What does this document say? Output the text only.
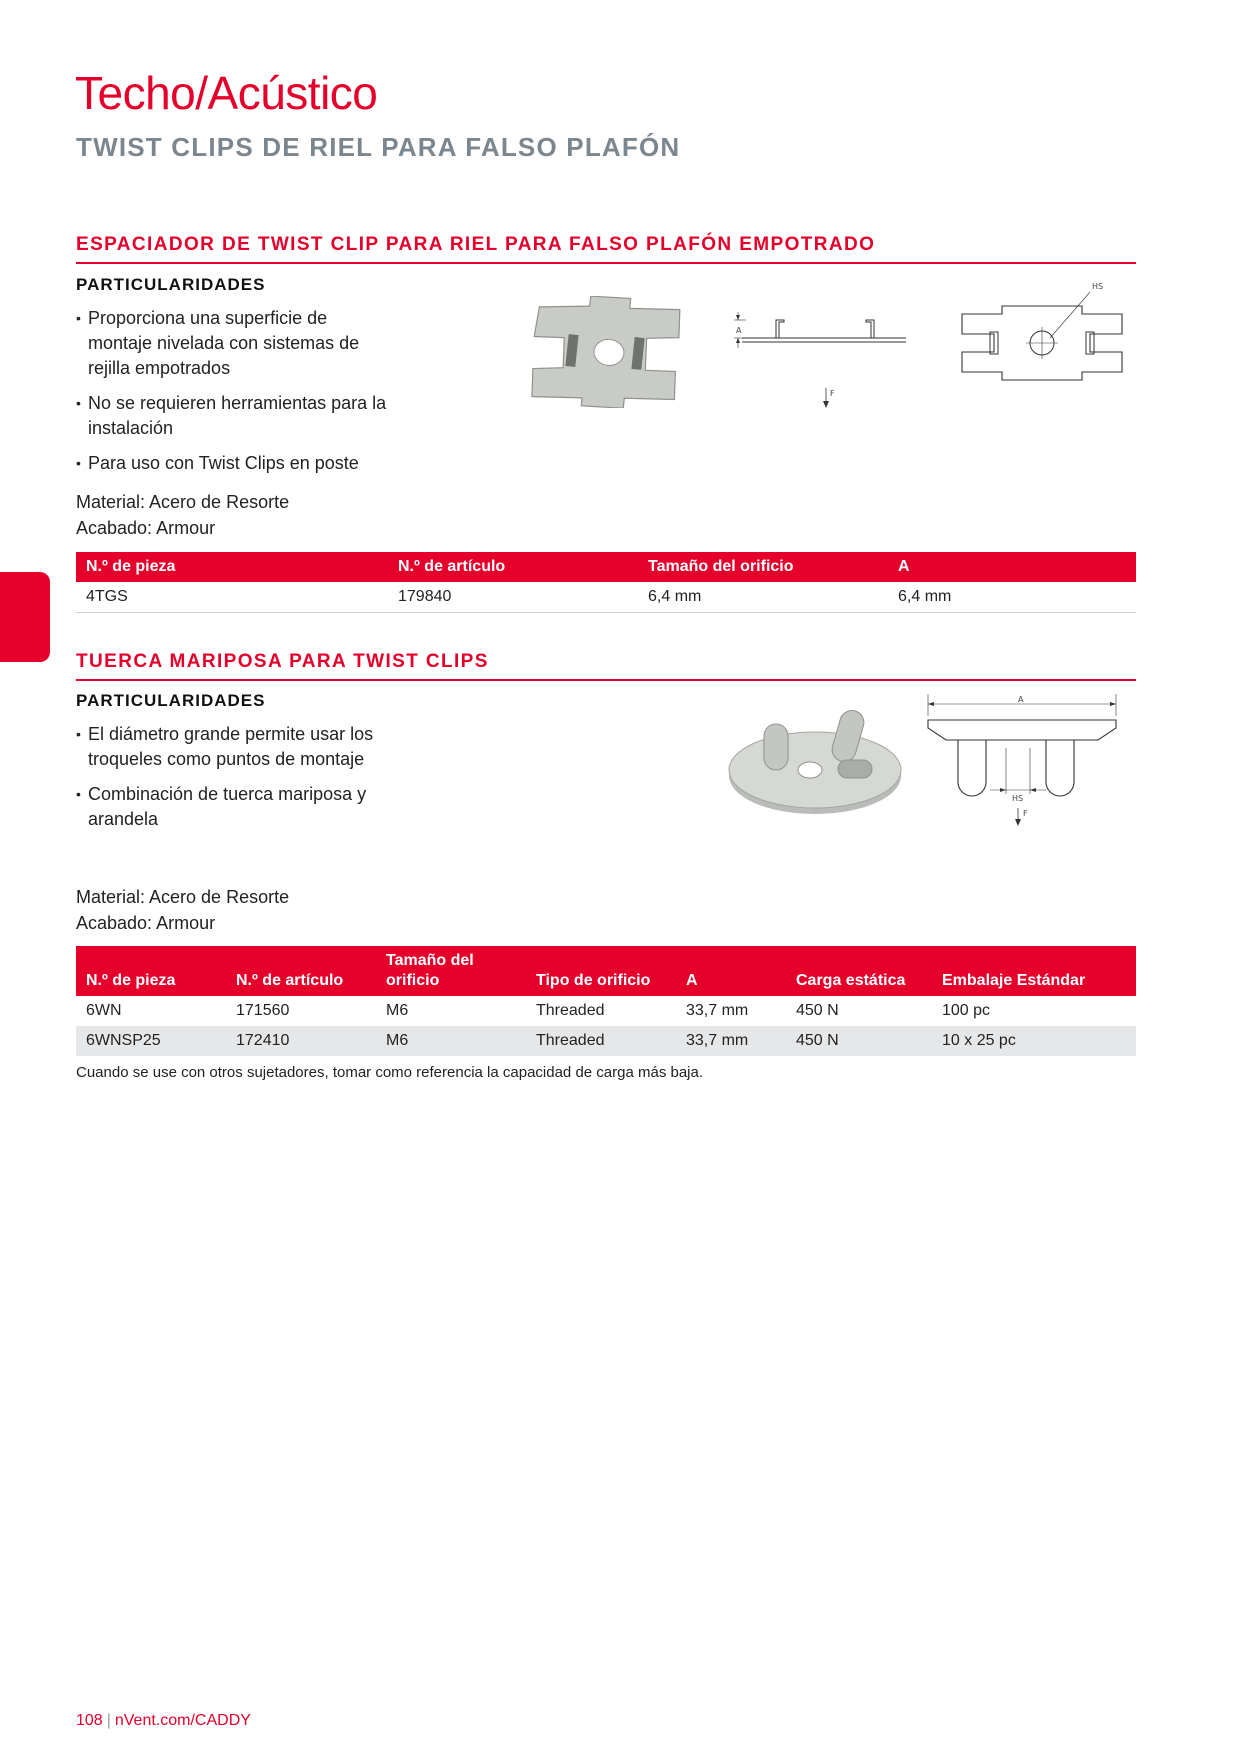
Techo/Acústico
TWIST CLIPS DE RIEL PARA FALSO PLAFÓN
ESPACIADOR DE TWIST CLIP PARA RIEL PARA FALSO PLAFÓN EMPOTRADO
PARTICULARIDADES
• Proporciona una superficie de montaje nivelada con sistemas de rejilla empotrados
• No se requieren herramientas para la instalación
• Para uso con Twist Clips en poste
Material: Acero de Resorte
Acabado: Armour
A
F
HS
N.º de pieza	N.º de artículo	Tamaño del orificio	A
4TGS	179840	6,4 mm	6,4 mm
TUERCA MARIPOSA PARA TWIST CLIPS
PARTICULARIDADES
• El diámetro grande permite usar los troqueles como puntos de montaje
• Combinación de tuerca mariposa y arandela
Material: Acero de Resorte
Acabado: Armour
A
HS
F
N.º de pieza	N.º de artículo	Tamaño del orificio	Tipo de orificio	A	Carga estática	Embalaje Estándar
6WN	171560	M6	Threaded	33,7 mm	450 N	100 pc
6WNSP25	172410	M6	Threaded	33,7 mm	450 N	10 x 25 pc
Cuando se use con otros sujetadores, tomar como referencia la capacidad de carga más baja.
108 | nVent.com/CADDY
